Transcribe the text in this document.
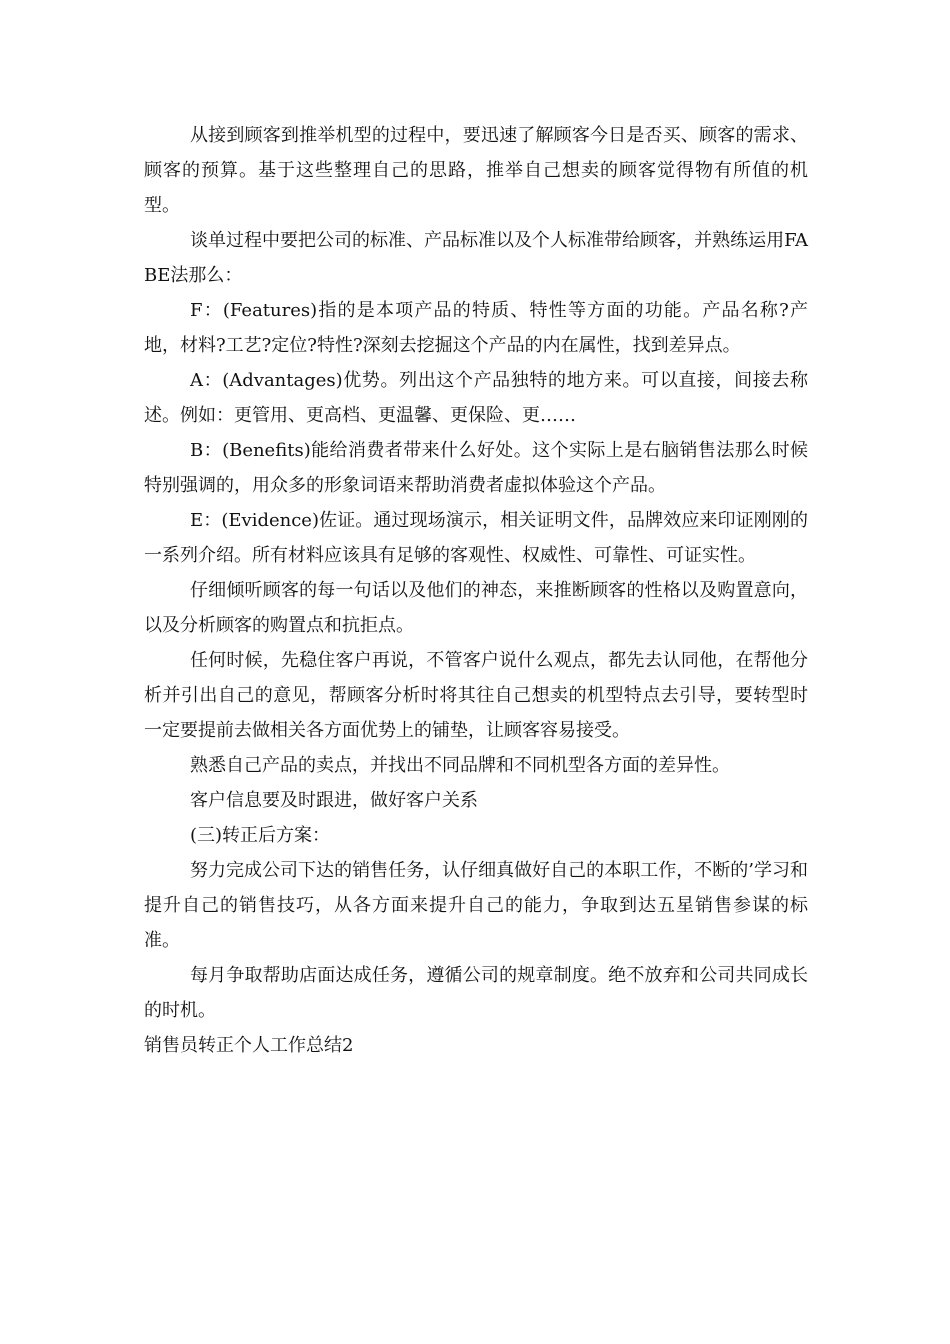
从接到顾客到推举机型的过程中，要迅速了解顾客今日是否买、顾客的需求、顾客的预算。基于这些整理自己的思路，推举自己想卖的顾客觉得物有所值的机型。

谈单过程中要把公司的标准、产品标准以及个人标准带给顾客，并熟练运用FABE法那么：

F：(Features)指的是本项产品的特质、特性等方面的功能。产品名称?产地，材料?工艺?定位?特性?深刻去挖掘这个产品的内在属性，找到差异点。

A：(Advantages)优势。列出这个产品独特的地方来。可以直接，间接去称述。例如：更管用、更高档、更温馨、更保险、更……

B：(Benefits)能给消费者带来什么好处。这个实际上是右脑销售法那么时候特别强调的，用众多的形象词语来帮助消费者虚拟体验这个产品。

E：(Evidence)佐证。通过现场演示，相关证明文件，品牌效应来印证刚刚的一系列介绍。所有材料应该具有足够的客观性、权威性、可靠性、可证实性。

仔细倾听顾客的每一句话以及他们的神态，来推断顾客的性格以及购置意向，以及分析顾客的购置点和抗拒点。

任何时候，先稳住客户再说，不管客户说什么观点，都先去认同他，在帮他分析并引出自己的意见，帮顾客分析时将其往自己想卖的机型特点去引导，要转型时一定要提前去做相关各方面优势上的铺垫，让顾客容易接受。

熟悉自己产品的卖点，并找出不同品牌和不同机型各方面的差异性。

客户信息要及时跟进，做好客户关系

(三)转正后方案：

努力完成公司下达的销售任务，认仔细真做好自己的本职工作，不断的’学习和提升自己的销售技巧，从各方面来提升自己的能力，争取到达五星销售参谋的标准。

每月争取帮助店面达成任务，遵循公司的规章制度。绝不放弃和公司共同成长的时机。

销售员转正个人工作总结2
